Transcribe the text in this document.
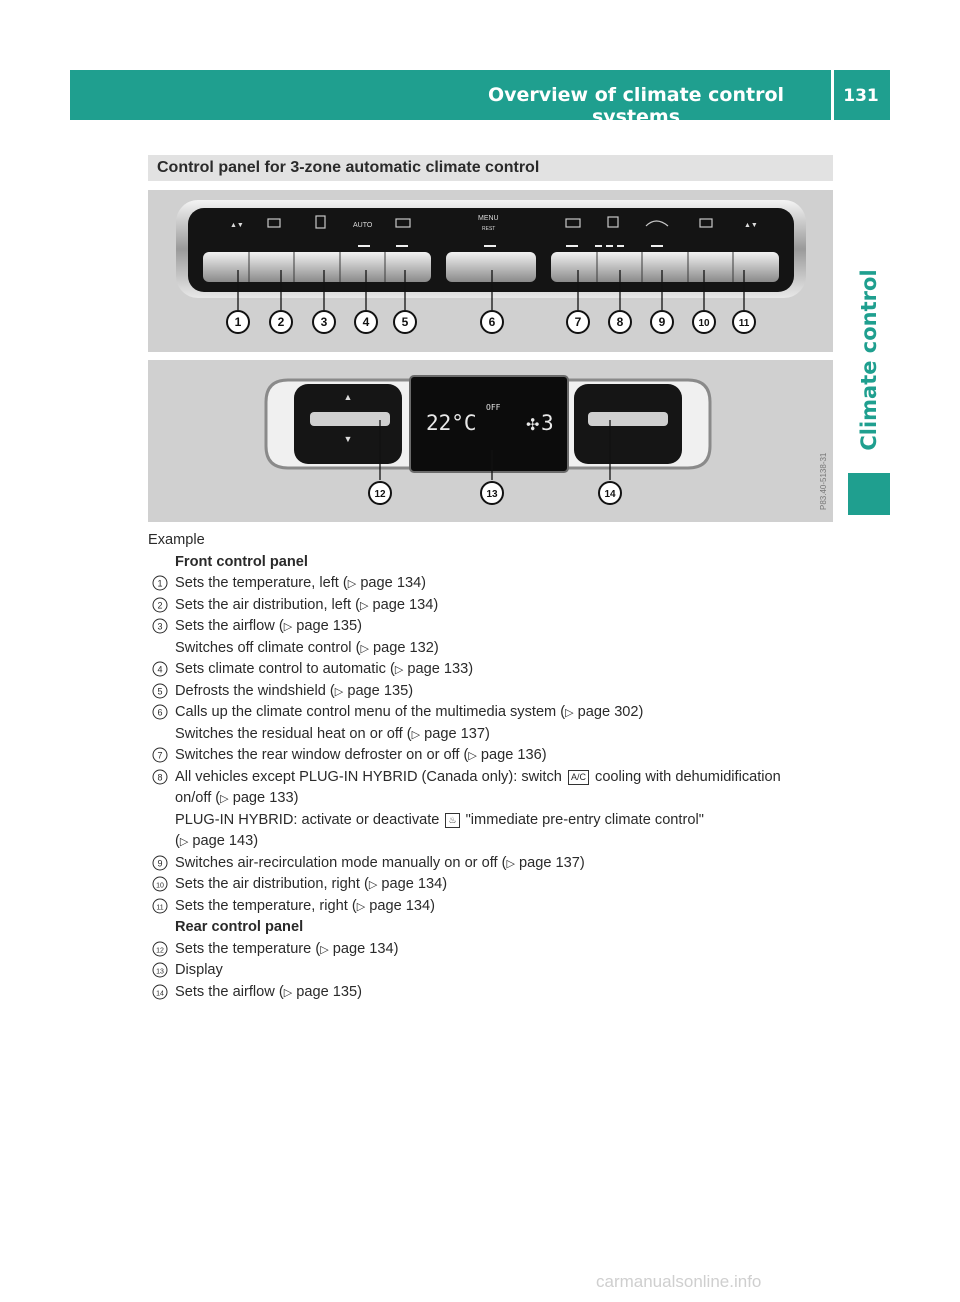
Overview of climate control systems
131
Climate control
Control panel for 3-zone automatic climate control
▲▼	AUTO
MENU
REST	▲▼
1	2	3	4	5	6	7	8	9	10	11
▲
▼
22°C
OFF
3
✣
12	13	14	P83.40-5138-31
Example
Front control panel
1 Sets the temperature, left (▷ page 134)
2 Sets the air distribution, left (▷ page 134)
3 Sets the airflow (▷ page 135)
Switches off climate control (▷ page 132)
4 Sets climate control to automatic (▷ page 133)
5 Defrosts the windshield (▷ page 135)
6 Calls up the climate control menu of the multimedia system (▷ page 302)
Switches the residual heat on or off (▷ page 137)
7 Switches the rear window defroster on or off (▷ page 136)
8 All vehicles except PLUG-IN HYBRID (Canada only): switch A/C cooling with dehumidification
on/off (▷ page 133)
PLUG-IN HYBRID: activate or deactivate ♨ "immediate pre-entry climate control"
(▷ page 143)
9 Switches air-recirculation mode manually on or off (▷ page 137)
10 Sets the air distribution, right (▷ page 134)
11 Sets the temperature, right (▷ page 134)
Rear control panel
12 Sets the temperature (▷ page 134)
13 Display
14 Sets the airflow (▷ page 135)
carmanualsonline.info
